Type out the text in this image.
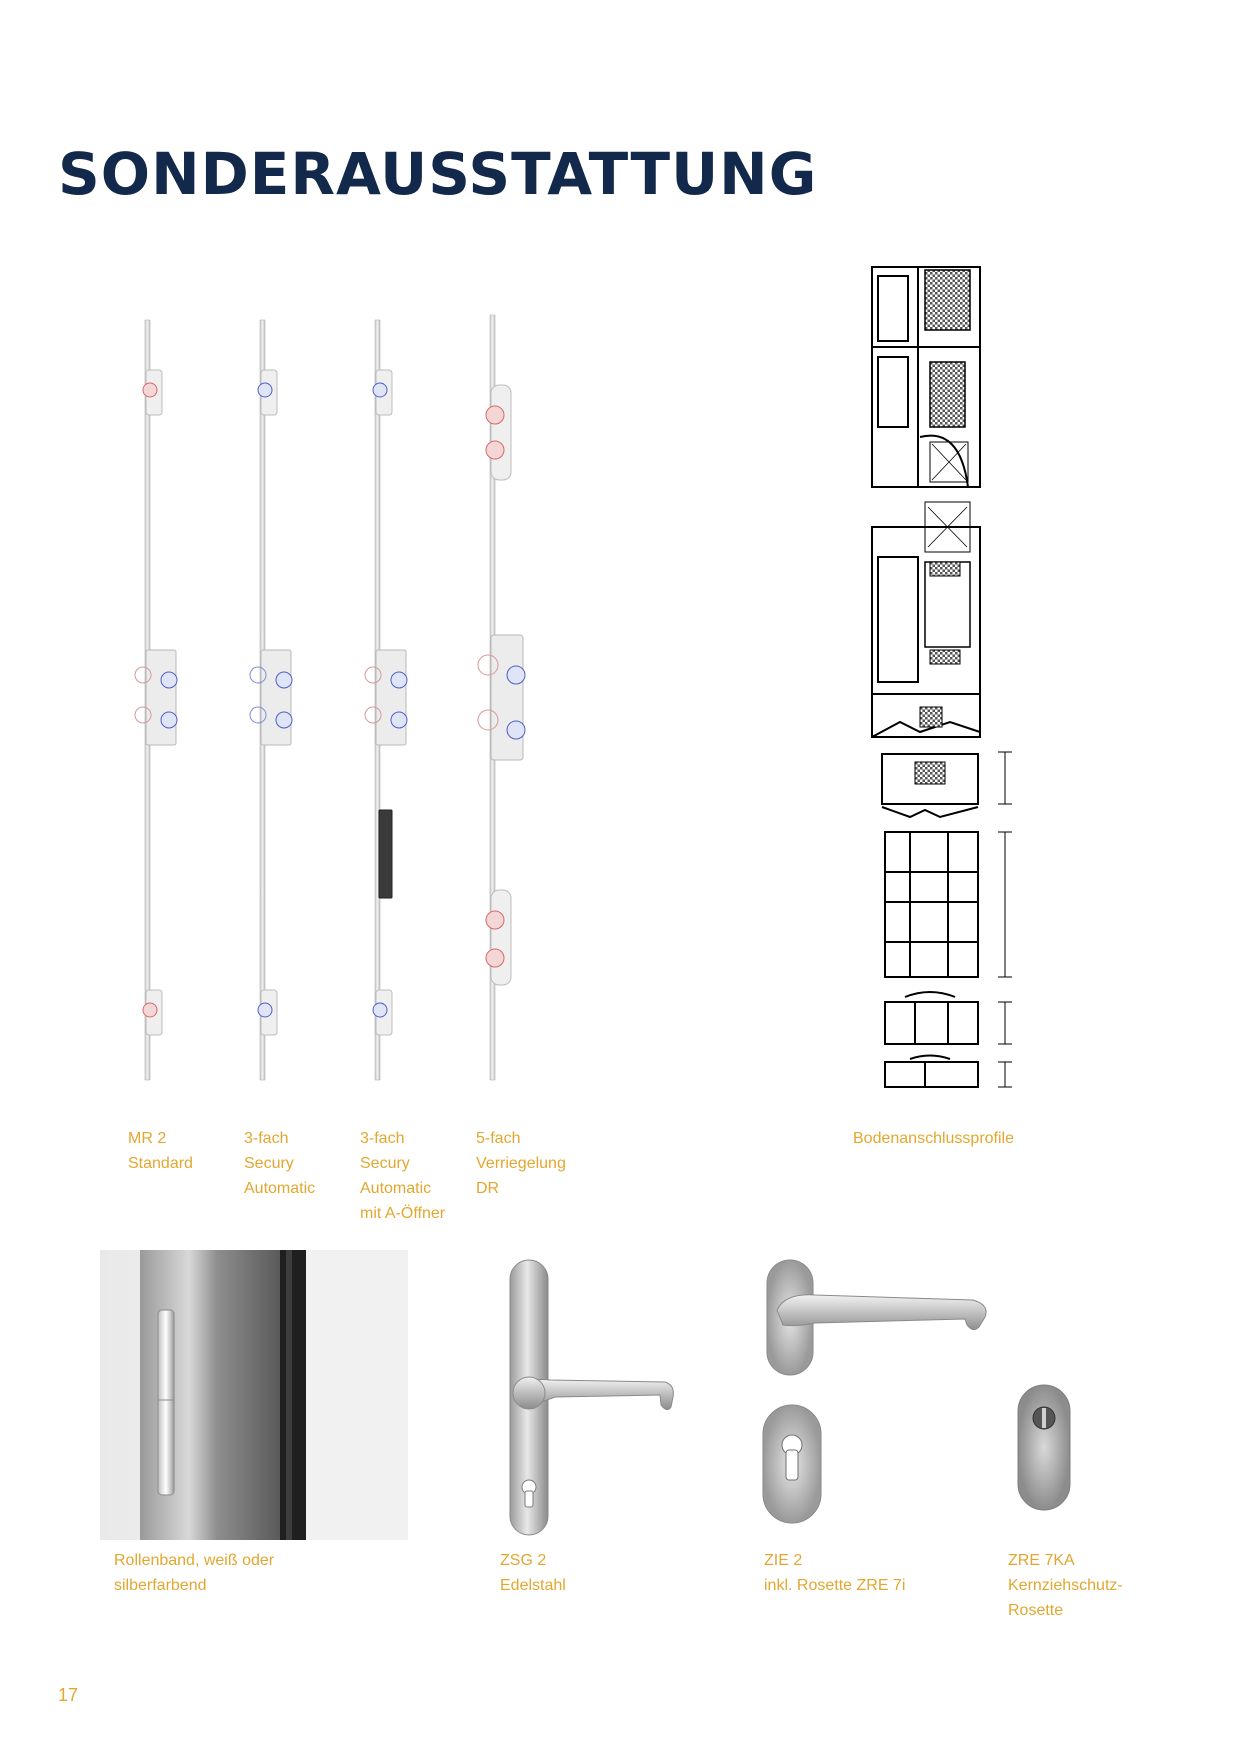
SONDERAUSSTATTUNG
MR 2
Standard
3-fach
Secury
Automatic
3-fach
Secury
Automatic
mit A-Öffner
5-fach
Verriegelung
DR
Bodenanschlussprofile
Rollenband, weiß oder
silberfarbend
ZSG 2
Edelstahl
ZIE 2
inkl. Rosette ZRE 7i
ZRE 7KA
Kernziehschutz-
Rosette
17
